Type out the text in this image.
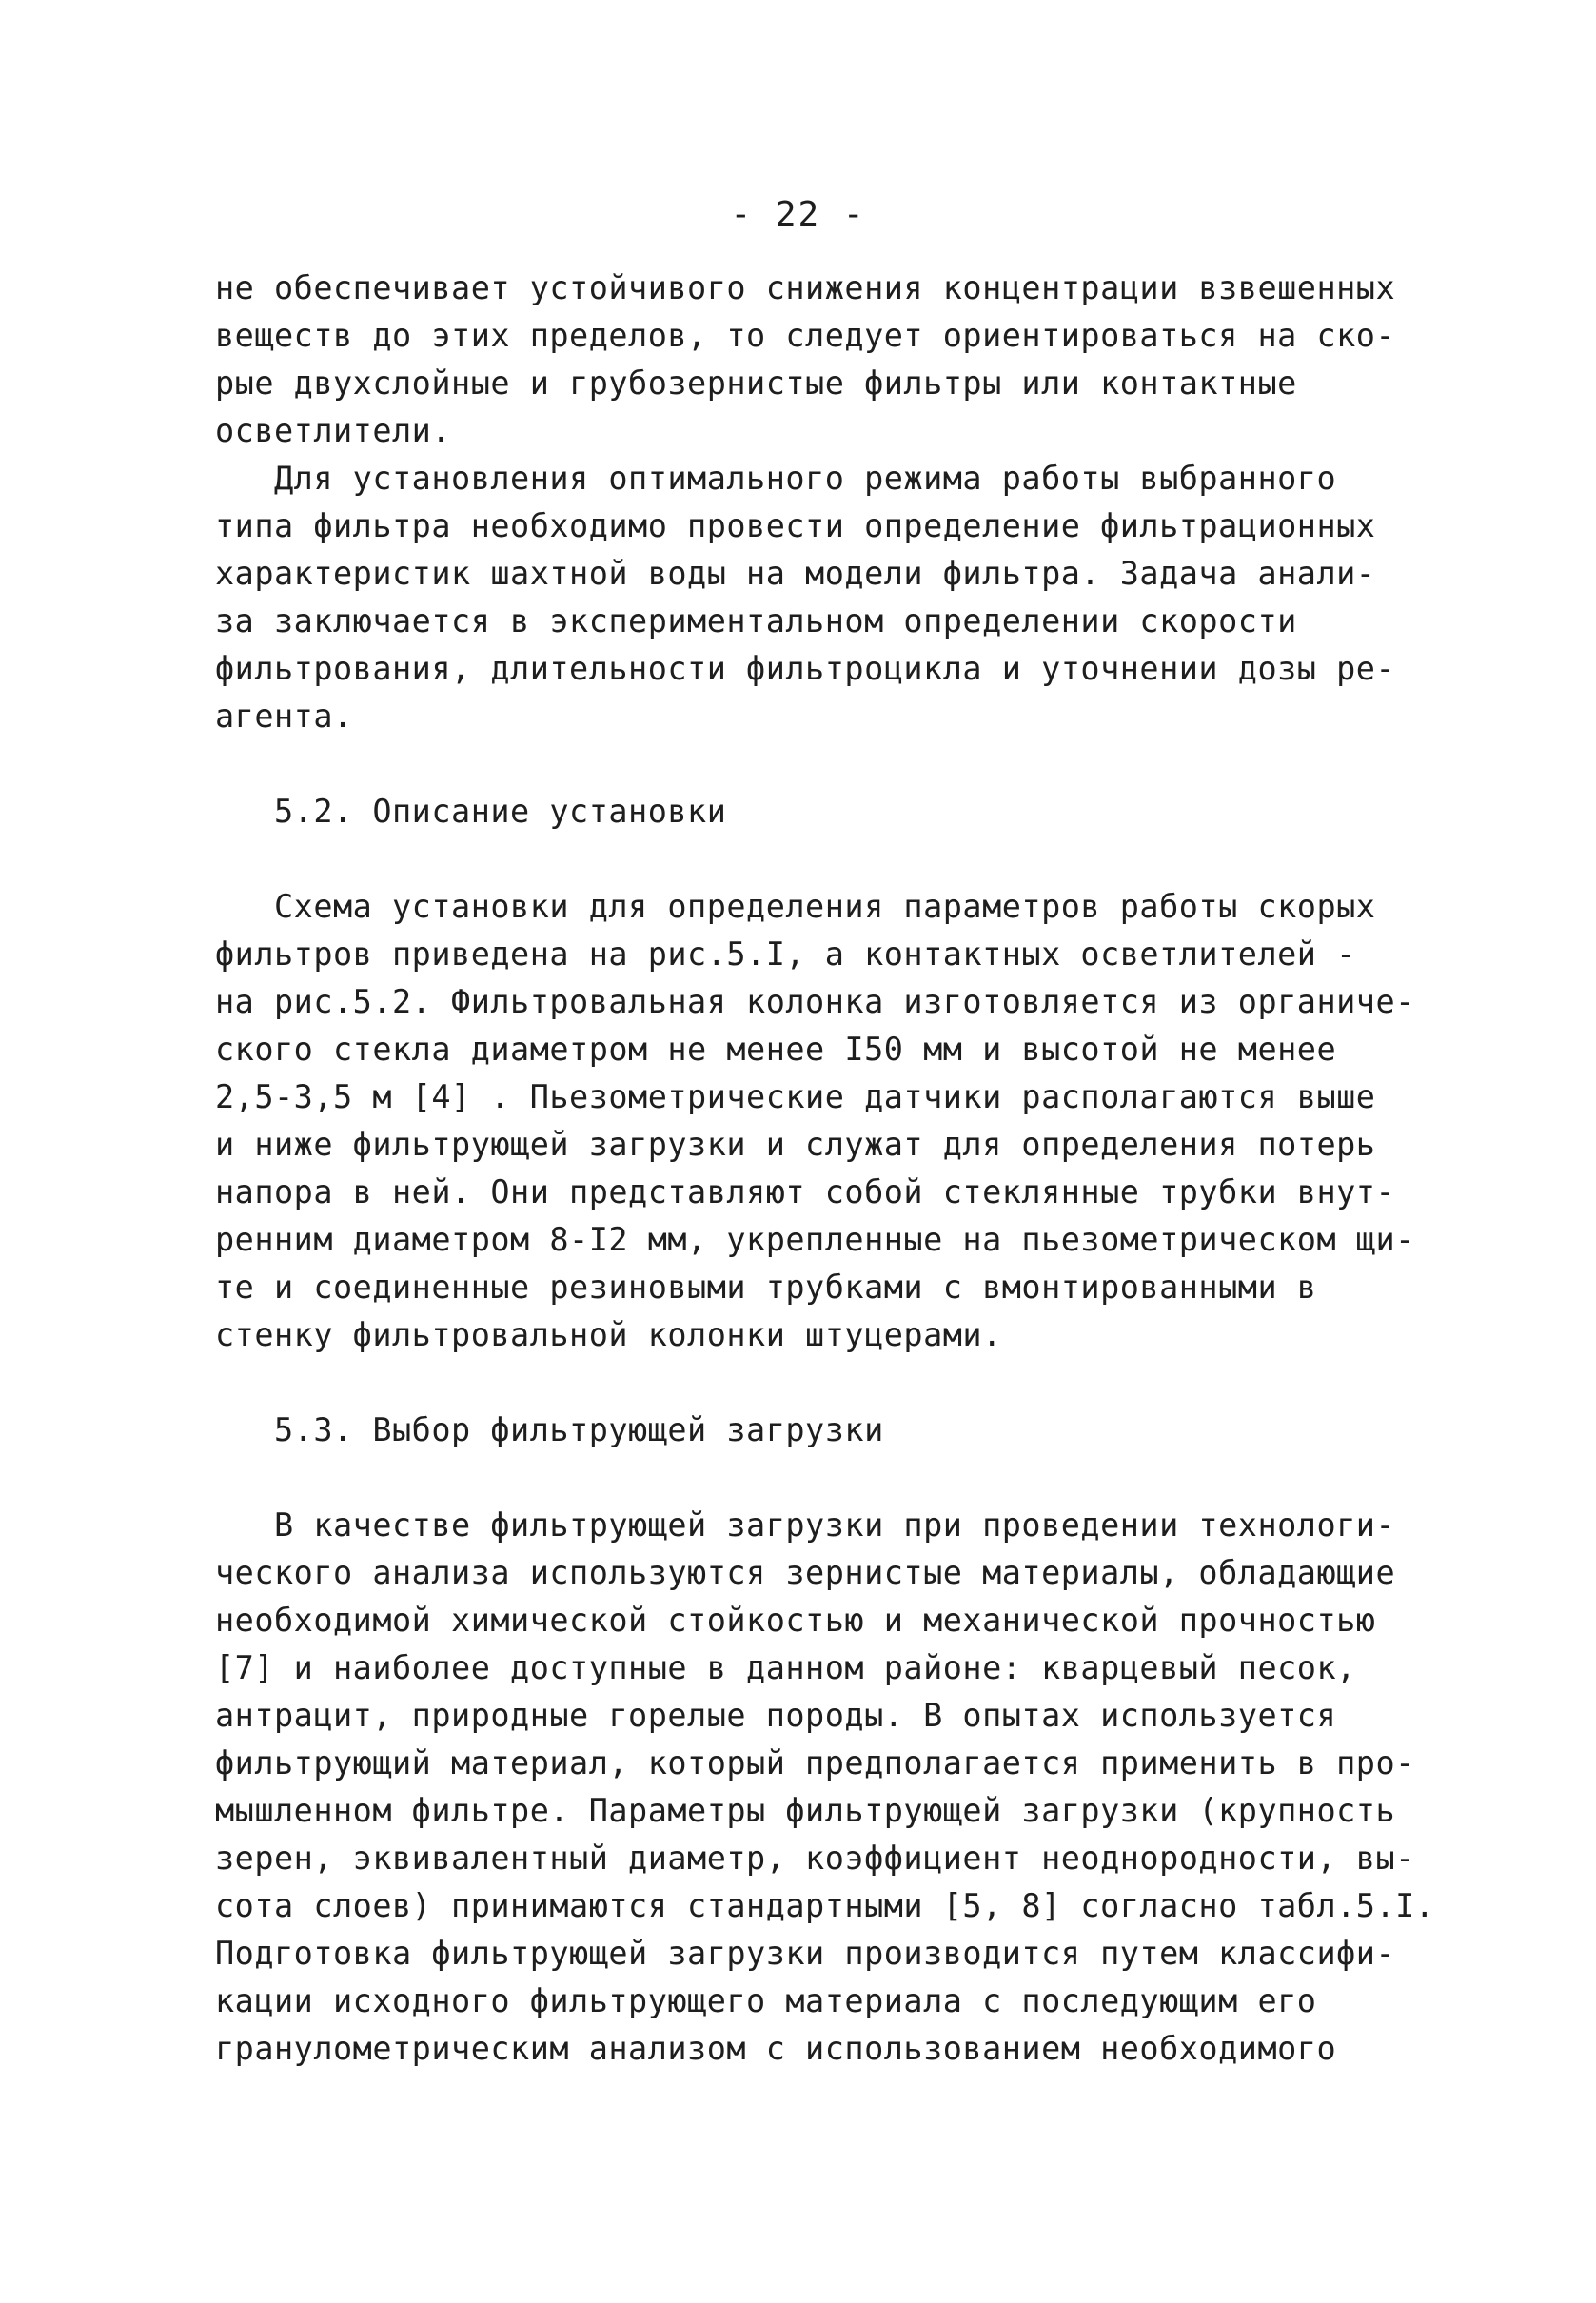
- 22 -
не обеспечивает устойчивого снижения концентрации взвешенных
веществ до этих пределов, то следует ориентироваться на ско-
рые двухслойные и грубозернистые фильтры или контактные
осветлители.
Для установления оптимального режима работы выбранного
типа фильтра необходимо провести определение фильтрационных
характеристик шахтной воды на модели фильтра. Задача анали-
за заключается в экспериментальном определении скорости
фильтрования, длительности фильтроцикла и уточнении дозы ре-
агента.
5.2. Описание установки
Схема установки для определения параметров работы скорых
фильтров приведена на рис.5.I, а контактных осветлителей -
на рис.5.2. Фильтровальная колонка изготовляется из органиче-
ского стекла диаметром не менее I50 мм и высотой не менее
2,5-3,5 м [4] . Пьезометрические датчики располагаются выше
и ниже фильтрующей загрузки и служат для определения потерь
напора в ней. Они представляют собой стеклянные трубки внут-
ренним диаметром 8-I2 мм, укрепленные на пьезометрическом щи-
те и соединенные резиновыми трубками с вмонтированными в
стенку фильтровальной колонки штуцерами.
5.3. Выбор фильтрующей загрузки
В качестве фильтрующей загрузки при проведении технологи-
ческого анализа используются зернистые материалы, обладающие
необходимой химической стойкостью и механической прочностью
[7] и наиболее доступные в данном районе: кварцевый песок,
антрацит, природные горелые породы. В опытах используется
фильтрующий материал, который предполагается применить в про-
мышленном фильтре. Параметры фильтрующей загрузки (крупность
зерен, эквивалентный диаметр, коэффициент неоднородности, вы-
сота слоев) принимаются стандартными [5, 8] согласно табл.5.I.
Подготовка фильтрующей загрузки производится путем классифи-
кации исходного фильтрующего материала с последующим его
гранулометрическим анализом с использованием необходимого
